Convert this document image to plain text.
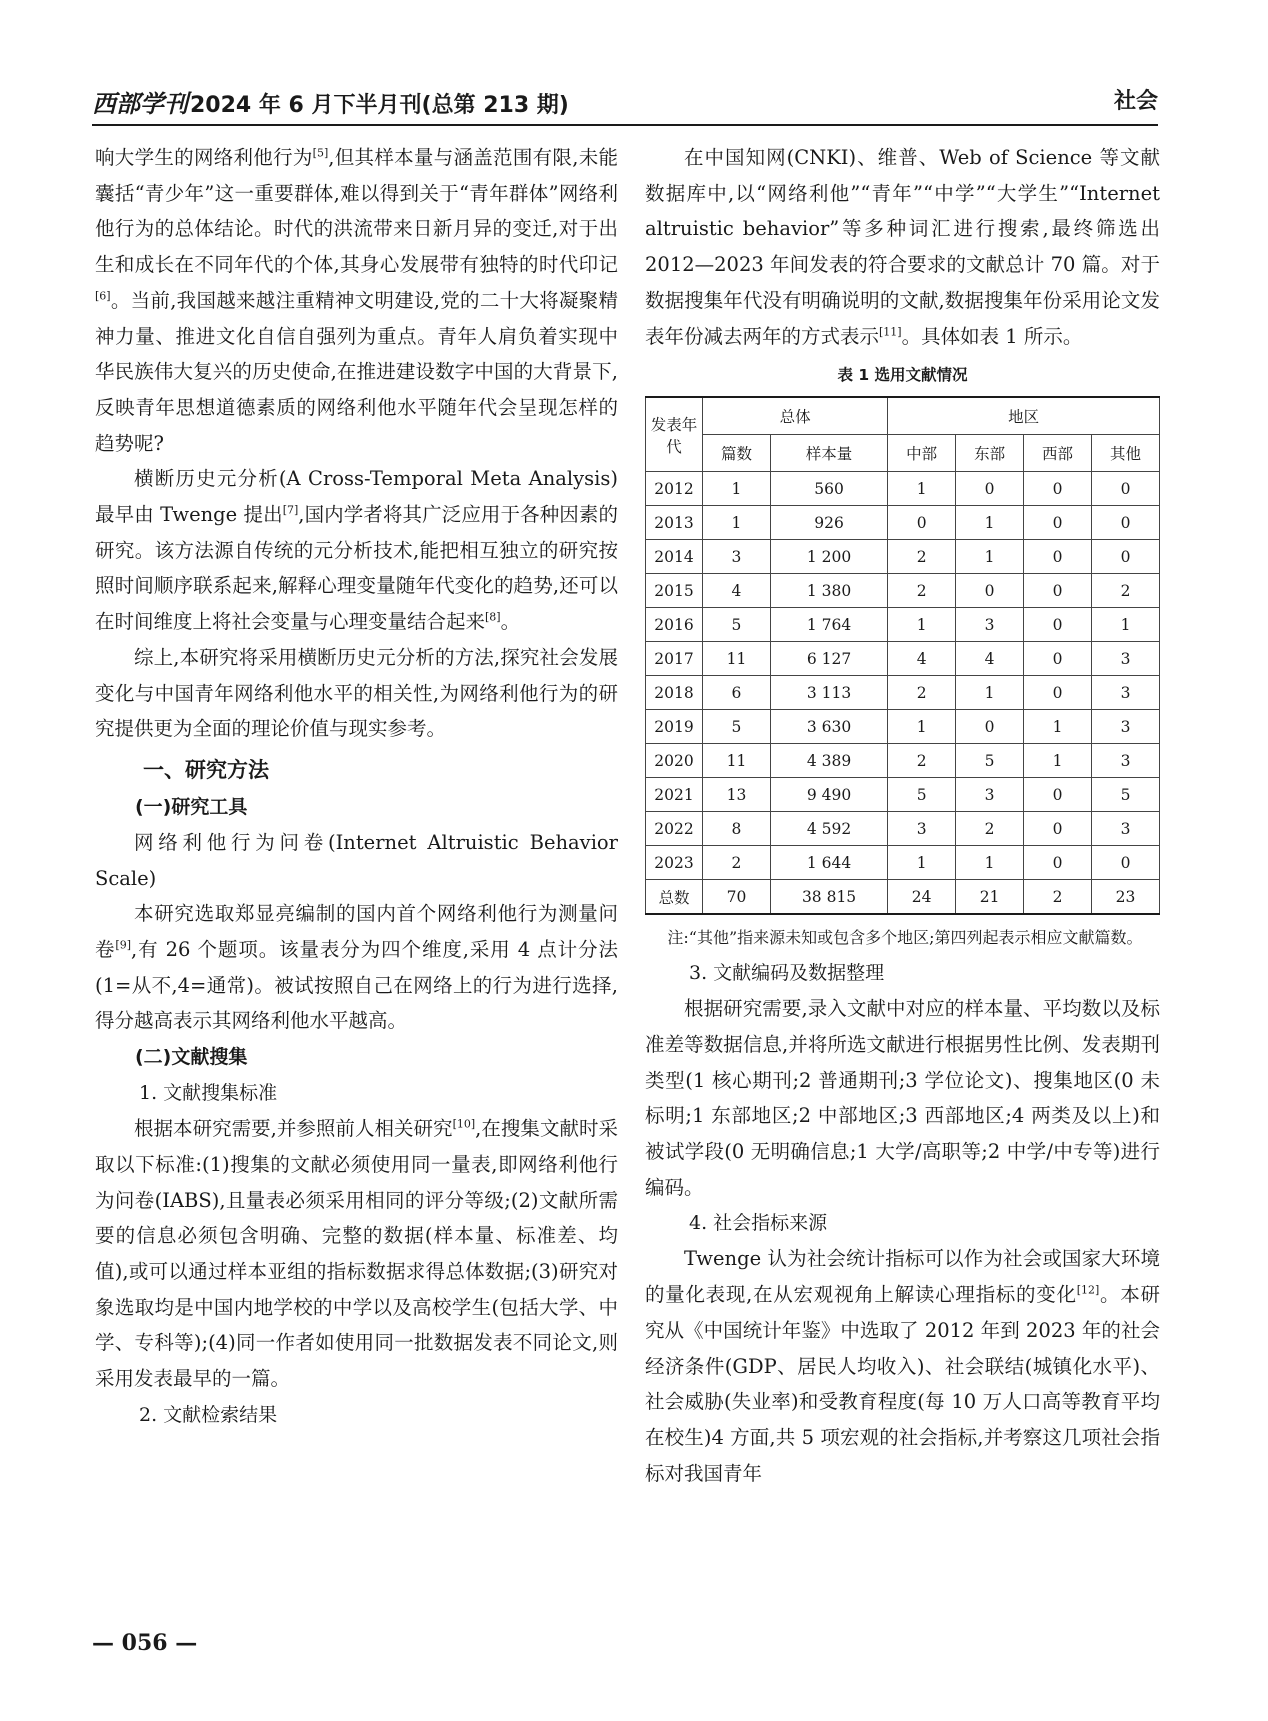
西部学刊2024 年 6 月下半月刊(总第 213 期)	社会

响大学生的网络利他行为[5],但其样本量与涵盖范围有限,未能囊括“青少年”这一重要群体,难以得到关于“青年群体”网络利他行为的总体结论。时代的洪流带来日新月异的变迁,对于出生和成长在不同年代的个体,其身心发展带有独特的时代印记[6]。当前,我国越来越注重精神文明建设,党的二十大将凝聚精神力量、推进文化自信自强列为重点。青年人肩负着实现中华民族伟大复兴的历史使命,在推进建设数字中国的大背景下,反映青年思想道德素质的网络利他水平随年代会呈现怎样的趋势呢?

横断历史元分析(A Cross-Temporal Meta Analysis)最早由 Twenge 提出[7],国内学者将其广泛应用于各种因素的研究。该方法源自传统的元分析技术,能把相互独立的研究按照时间顺序联系起来,解释心理变量随年代变化的趋势,还可以在时间维度上将社会变量与心理变量结合起来[8]。

综上,本研究将采用横断历史元分析的方法,探究社会发展变化与中国青年网络利他水平的相关性,为网络利他行为的研究提供更为全面的理论价值与现实参考。

一、研究方法
(一)研究工具

网络利他行为问卷(Internet Altruistic Behavior Scale)

本研究选取郑显亮编制的国内首个网络利他行为测量问卷[9],有 26 个题项。该量表分为四个维度,采用 4 点计分法(1=从不,4=通常)。被试按照自己在网络上的行为进行选择,得分越高表示其网络利他水平越高。

(二)文献搜集
1. 文献搜集标准

根据本研究需要,并参照前人相关研究[10],在搜集文献时采取以下标准:(1)搜集的文献必须使用同一量表,即网络利他行为问卷(IABS),且量表必须采用相同的评分等级;(2)文献所需要的信息必须包含明确、完整的数据(样本量、标准差、均值),或可以通过样本亚组的指标数据求得总体数据;(3)研究对象选取均是中国内地学校的中学以及高校学生(包括大学、中学、专科等);(4)同一作者如使用同一批数据发表不同论文,则采用发表最早的一篇。

2. 文献检索结果

在中国知网(CNKI)、维普、Web of Science 等文献数据库中,以“网络利他”“青年”“中学”“大学生”“Internet altruistic behavior”等多种词汇进行搜索,最终筛选出 2012—2023 年间发表的符合要求的文献总计 70 篇。对于数据搜集年代没有明确说明的文献,数据搜集年份采用论文发表年份减去两年的方式表示[11]。具体如表 1 所示。

表 1 选用文献情况
发表年代	总体		地区			
	篇数	样本量	中部	东部	西部	其他
2012	1	560	1	0	0	0
2013	1	926	0	1	0	0
2014	3	1 200	2	1	0	0
2015	4	1 380	2	0	0	2
2016	5	1 764	1	3	0	1
2017	11	6 127	4	4	0	3
2018	6	3 113	2	1	0	3
2019	5	3 630	1	0	1	3
2020	11	4 389	2	5	1	3
2021	13	9 490	5	3	0	5
2022	8	4 592	3	2	0	3
2023	2	1 644	1	1	0	0
总数	70	38 815	24	21	2	23

注:“其他”指来源未知或包含多个地区;第四列起表示相应文献篇数。

3. 文献编码及数据整理

根据研究需要,录入文献中对应的样本量、平均数以及标准差等数据信息,并将所选文献进行根据男性比例、发表期刊类型(1 核心期刊;2 普通期刊;3 学位论文)、搜集地区(0 未标明;1 东部地区;2 中部地区;3 西部地区;4 两类及以上)和被试学段(0 无明确信息;1 大学/高职等;2 中学/中专等)进行编码。

4. 社会指标来源

Twenge 认为社会统计指标可以作为社会或国家大环境的量化表现,在从宏观视角上解读心理指标的变化[12]。本研究从《中国统计年鉴》中选取了 2012 年到 2023 年的社会经济条件(GDP、居民人均收入)、社会联结(城镇化水平)、社会威胁(失业率)和受教育程度(每 10 万人口高等教育平均在校生)4 方面,共 5 项宏观的社会指标,并考察这几项社会指标对我国青年

— 056 —
